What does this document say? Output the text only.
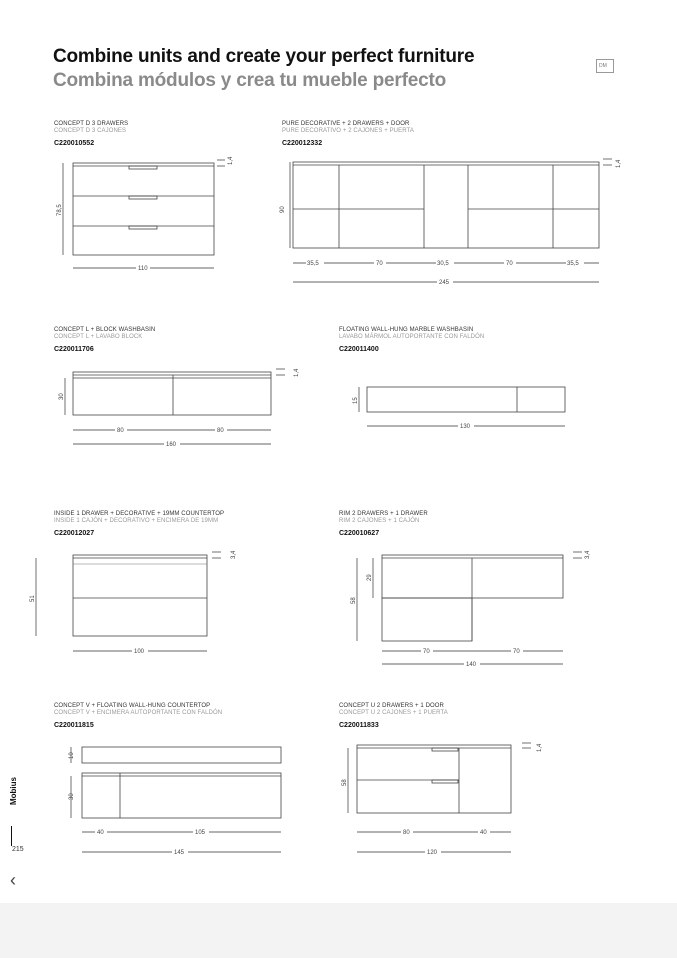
Combine units and create your perfect furniture
Combina módulos y crea tu mueble perfecto
DM
CONCEPT D 3 DRAWERS
CONCEPT D 3 CAJONES
C220010552
1,4
78,5
110
PURE DECORATIVE + 2 DRAWERS + DOOR
PURE DECORATIVO + 2 CAJONES + PUERTA
C220012332
1,4
90
35,5	70	30,5	70	35,5
245
CONCEPT L + BLOCK WASHBASIN
CONCEPT L + LAVABO BLOCK
C220011706
1,4
30
80	80
160
FLOATING WALL-HUNG MARBLE WASHBASIN
LAVABO MÁRMOL AUTOPORTANTE CON FALDÓN
C220011400
15
130
INSIDE 1 DRAWER + DECORATIVE + 19MM COUNTERTOP
INSIDE 1 CAJÓN + DECORATIVO + ENCIMERA DE 19MM
C220012027
3,4
51
100
RIM 2 DRAWERS + 1 DRAWER
RIM 2 CAJONES + 1 CAJÓN
C220010627
3,4
29
58
70	70
140
CONCEPT V + FLOATING WALL-HUNG COUNTERTOP
CONCEPT V + ENCIMERA AUTOPORTANTE CON FALDÓN
C220011815
10
30
40	105
145
CONCEPT U 2 DRAWERS + 1 DOOR
CONCEPT U 2 CAJONES + 1 PUERTA
C220011833
1,4
58
80	40
120
Mobius
215
‹
